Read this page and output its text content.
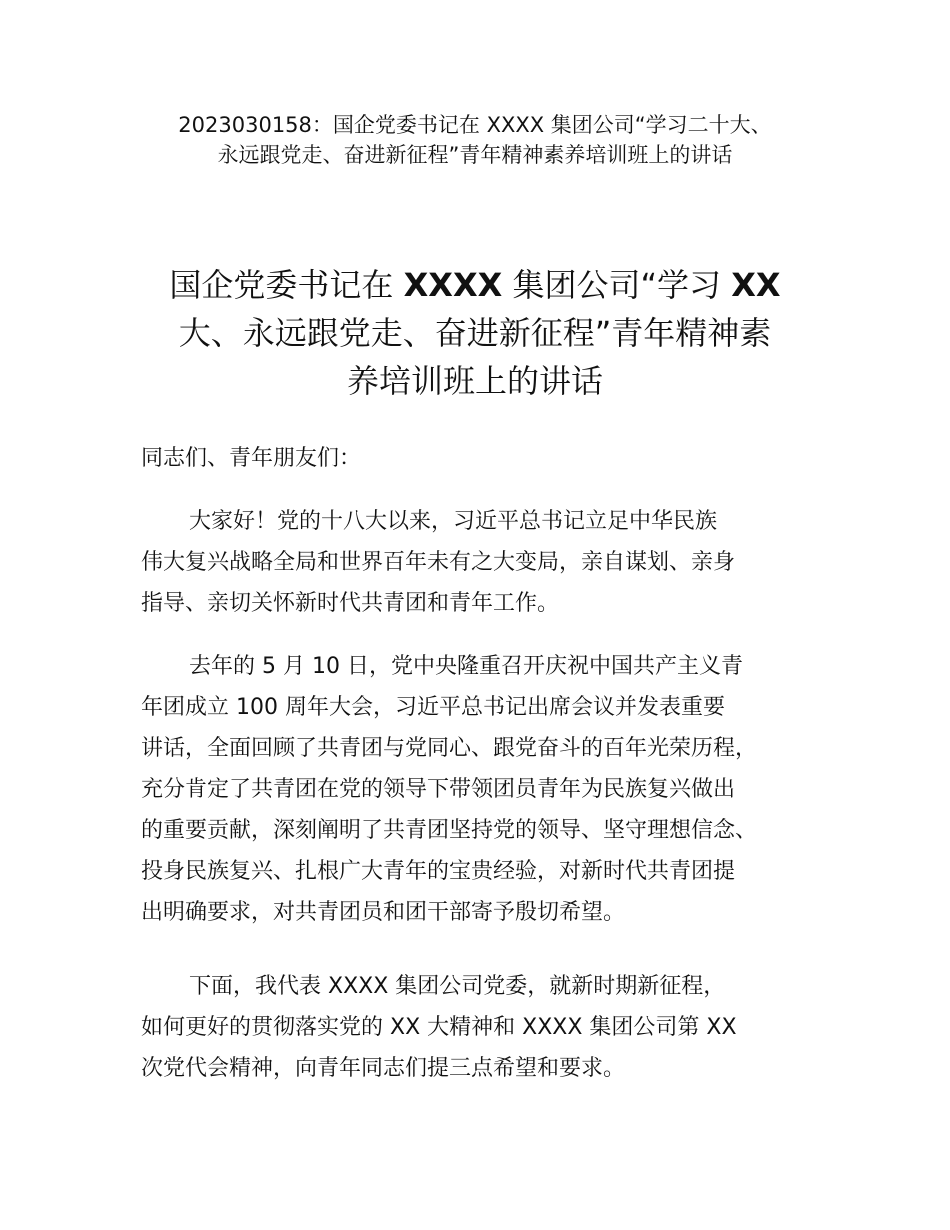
2023030158：国企党委书记在 XXXX 集团公司“学习二十大、
永远跟党走、奋进新征程”青年精神素养培训班上的讲话
国企党委书记在 XXXX 集团公司“学习 XX
大、永远跟党走、奋进新征程”青年精神素
养培训班上的讲话
同志们、青年朋友们：
大家好！党的十八大以来，习近平总书记立足中华民族
伟大复兴战略全局和世界百年未有之大变局，亲自谋划、亲身
指导、亲切关怀新时代共青团和青年工作。
去年的 5 月 10 日，党中央隆重召开庆祝中国共产主义青
年团成立 100 周年大会，习近平总书记出席会议并发表重要
讲话，全面回顾了共青团与党同心、跟党奋斗的百年光荣历程，
充分肯定了共青团在党的领导下带领团员青年为民族复兴做出
的重要贡献，深刻阐明了共青团坚持党的领导、坚守理想信念、
投身民族复兴、扎根广大青年的宝贵经验，对新时代共青团提
出明确要求，对共青团员和团干部寄予殷切希望。
下面，我代表 XXXX 集团公司党委，就新时期新征程，
如何更好的贯彻落实党的 XX 大精神和 XXXX 集团公司第 XX
次党代会精神，向青年同志们提三点希望和要求。
